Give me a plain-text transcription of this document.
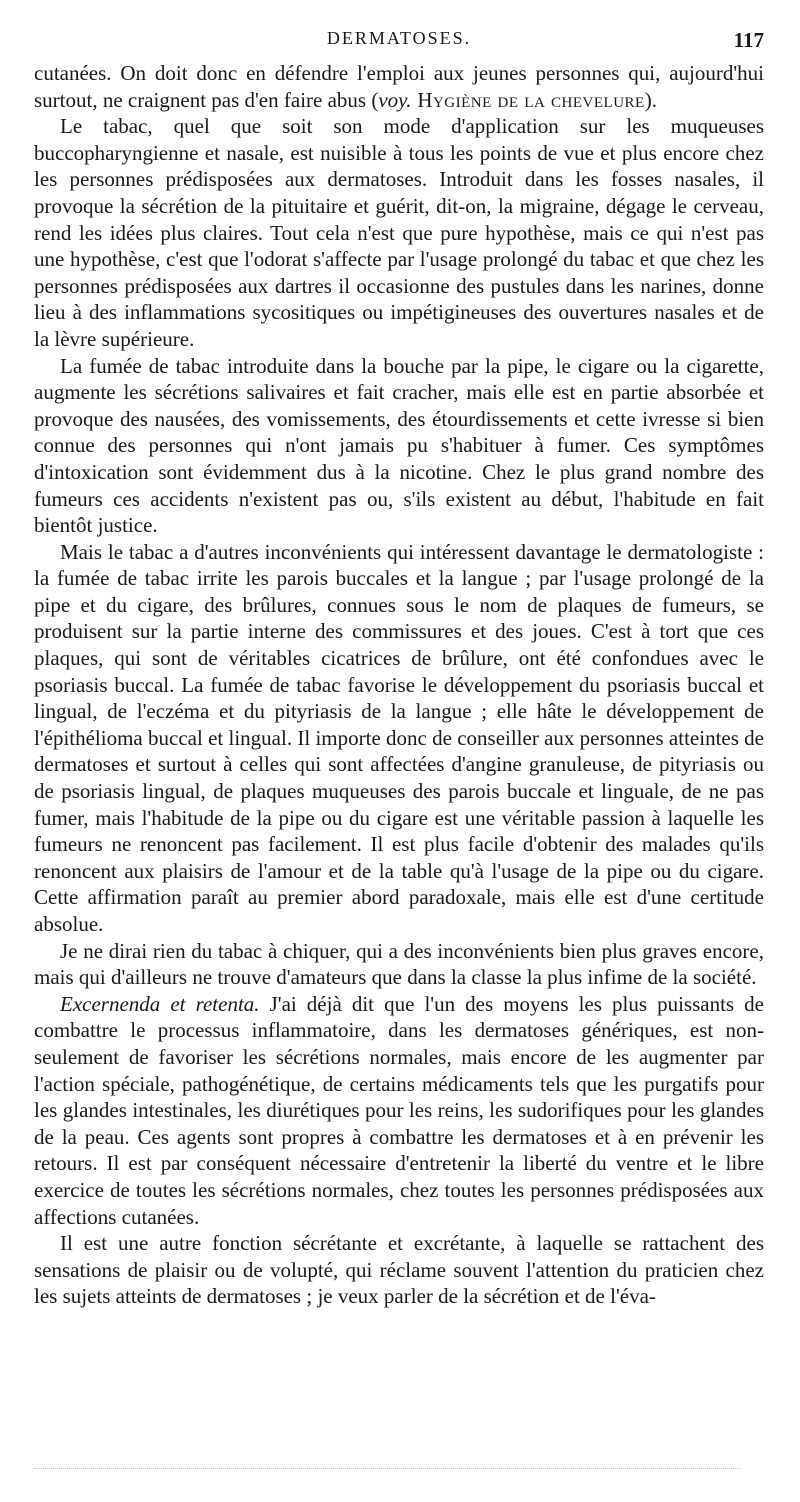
DERMATOSES.	117

cutanées. On doit donc en défendre l'emploi aux jeunes personnes qui, aujourd'hui surtout, ne craignent pas d'en faire abus (voy. Hygiène de la chevelure).

Le tabac, quel que soit son mode d'application sur les muqueuses buccopharyngienne et nasale, est nuisible à tous les points de vue et plus encore chez les personnes prédisposées aux dermatoses. Introduit dans les fosses nasales, il provoque la sécrétion de la pituitaire et guérit, dit-on, la migraine, dégage le cerveau, rend les idées plus claires. Tout cela n'est que pure hypothèse, mais ce qui n'est pas une hypothèse, c'est que l'odorat s'affecte par l'usage prolongé du tabac et que chez les personnes prédisposées aux dartres il occasionne des pustules dans les narines, donne lieu à des inflammations sycositiques ou impétigineuses des ouvertures nasales et de la lèvre supérieure.

La fumée de tabac introduite dans la bouche par la pipe, le cigare ou la cigarette, augmente les sécrétions salivaires et fait cracher, mais elle est en partie absorbée et provoque des nausées, des vomissements, des étourdissements et cette ivresse si bien connue des personnes qui n'ont jamais pu s'habituer à fumer. Ces symptômes d'intoxication sont évidemment dus à la nicotine. Chez le plus grand nombre des fumeurs ces accidents n'existent pas ou, s'ils existent au début, l'habitude en fait bientôt justice.

Mais le tabac a d'autres inconvénients qui intéressent davantage le dermatologiste : la fumée de tabac irrite les parois buccales et la langue ; par l'usage prolongé de la pipe et du cigare, des brûlures, connues sous le nom de plaques de fumeurs, se produisent sur la partie interne des commissures et des joues. C'est à tort que ces plaques, qui sont de véritables cicatrices de brûlure, ont été confondues avec le psoriasis buccal. La fumée de tabac favorise le développement du psoriasis buccal et lingual, de l'eczéma et du pityriasis de la langue ; elle hâte le développement de l'épithélioma buccal et lingual. Il importe donc de conseiller aux personnes atteintes de dermatoses et surtout à celles qui sont affectées d'angine granuleuse, de pityriasis ou de psoriasis lingual, de plaques muqueuses des parois buccale et linguale, de ne pas fumer, mais l'habitude de la pipe ou du cigare est une véritable passion à laquelle les fumeurs ne renoncent pas facilement. Il est plus facile d'obtenir des malades qu'ils renoncent aux plaisirs de l'amour et de la table qu'à l'usage de la pipe ou du cigare. Cette affirmation paraît au premier abord paradoxale, mais elle est d'une certitude absolue.

Je ne dirai rien du tabac à chiquer, qui a des inconvénients bien plus graves encore, mais qui d'ailleurs ne trouve d'amateurs que dans la classe la plus infime de la société.

Excernenda et retenta. J'ai déjà dit que l'un des moyens les plus puissants de combattre le processus inflammatoire, dans les dermatoses génériques, est non-seulement de favoriser les sécrétions normales, mais encore de les augmenter par l'action spéciale, pathogénétique, de certains médicaments tels que les purgatifs pour les glandes intestinales, les diurétiques pour les reins, les sudorifiques pour les glandes de la peau. Ces agents sont propres à combattre les dermatoses et à en prévenir les retours. Il est par conséquent nécessaire d'entretenir la liberté du ventre et le libre exercice de toutes les sécrétions normales, chez toutes les personnes prédisposées aux affections cutanées.

Il est une autre fonction sécrétante et excrétante, à laquelle se rattachent des sensations de plaisir ou de volupté, qui réclame souvent l'attention du praticien chez les sujets atteints de dermatoses ; je veux parler de la sécrétion et de l'éva-
